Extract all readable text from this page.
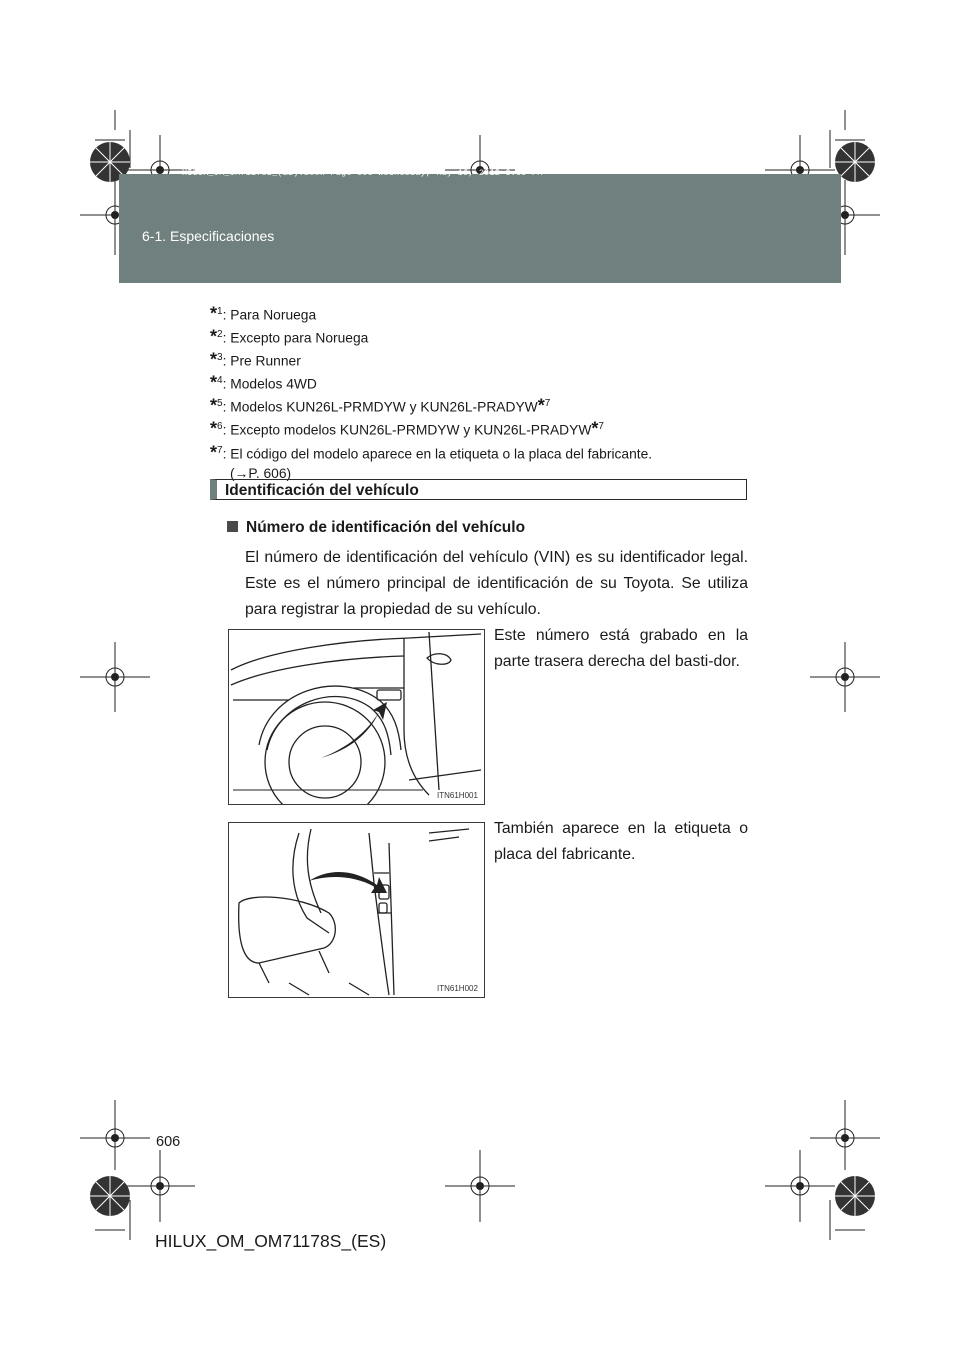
6-1. Especificaciones
HILUX_OM_OM71178S_(ES).book Page 606 Wednesday, May 16, 2012 3:09 PM
*$^1$: Para Noruega
*$^2$: Excepto para Noruega
*$^3$: Pre Runner
*$^4$: Modelos 4WD
*$^5$: Modelos KUN26L-PRMDYW y KUN26L-PRADYW*$^7$
*$^6$: Excepto modelos KUN26L-PRMDYW y KUN26L-PRADYW*$^7$
*$^7$: El código del modelo aparece en la etiqueta o la placa del fabricante.
(→P. 606)
Identificación del vehículo
Número de identificación del vehículo
El número de identificación del vehículo (VIN) es su identificador legal. Este es el número principal de identificación de su Toyota. Se utiliza para registrar la propiedad de su vehículo.
ITN61H001
Este número está grabado en la parte trasera derecha del basti-dor.
ITN61H002
También aparece en la etiqueta o placa del fabricante.
606
HILUX_OM_OM71178S_(ES)
